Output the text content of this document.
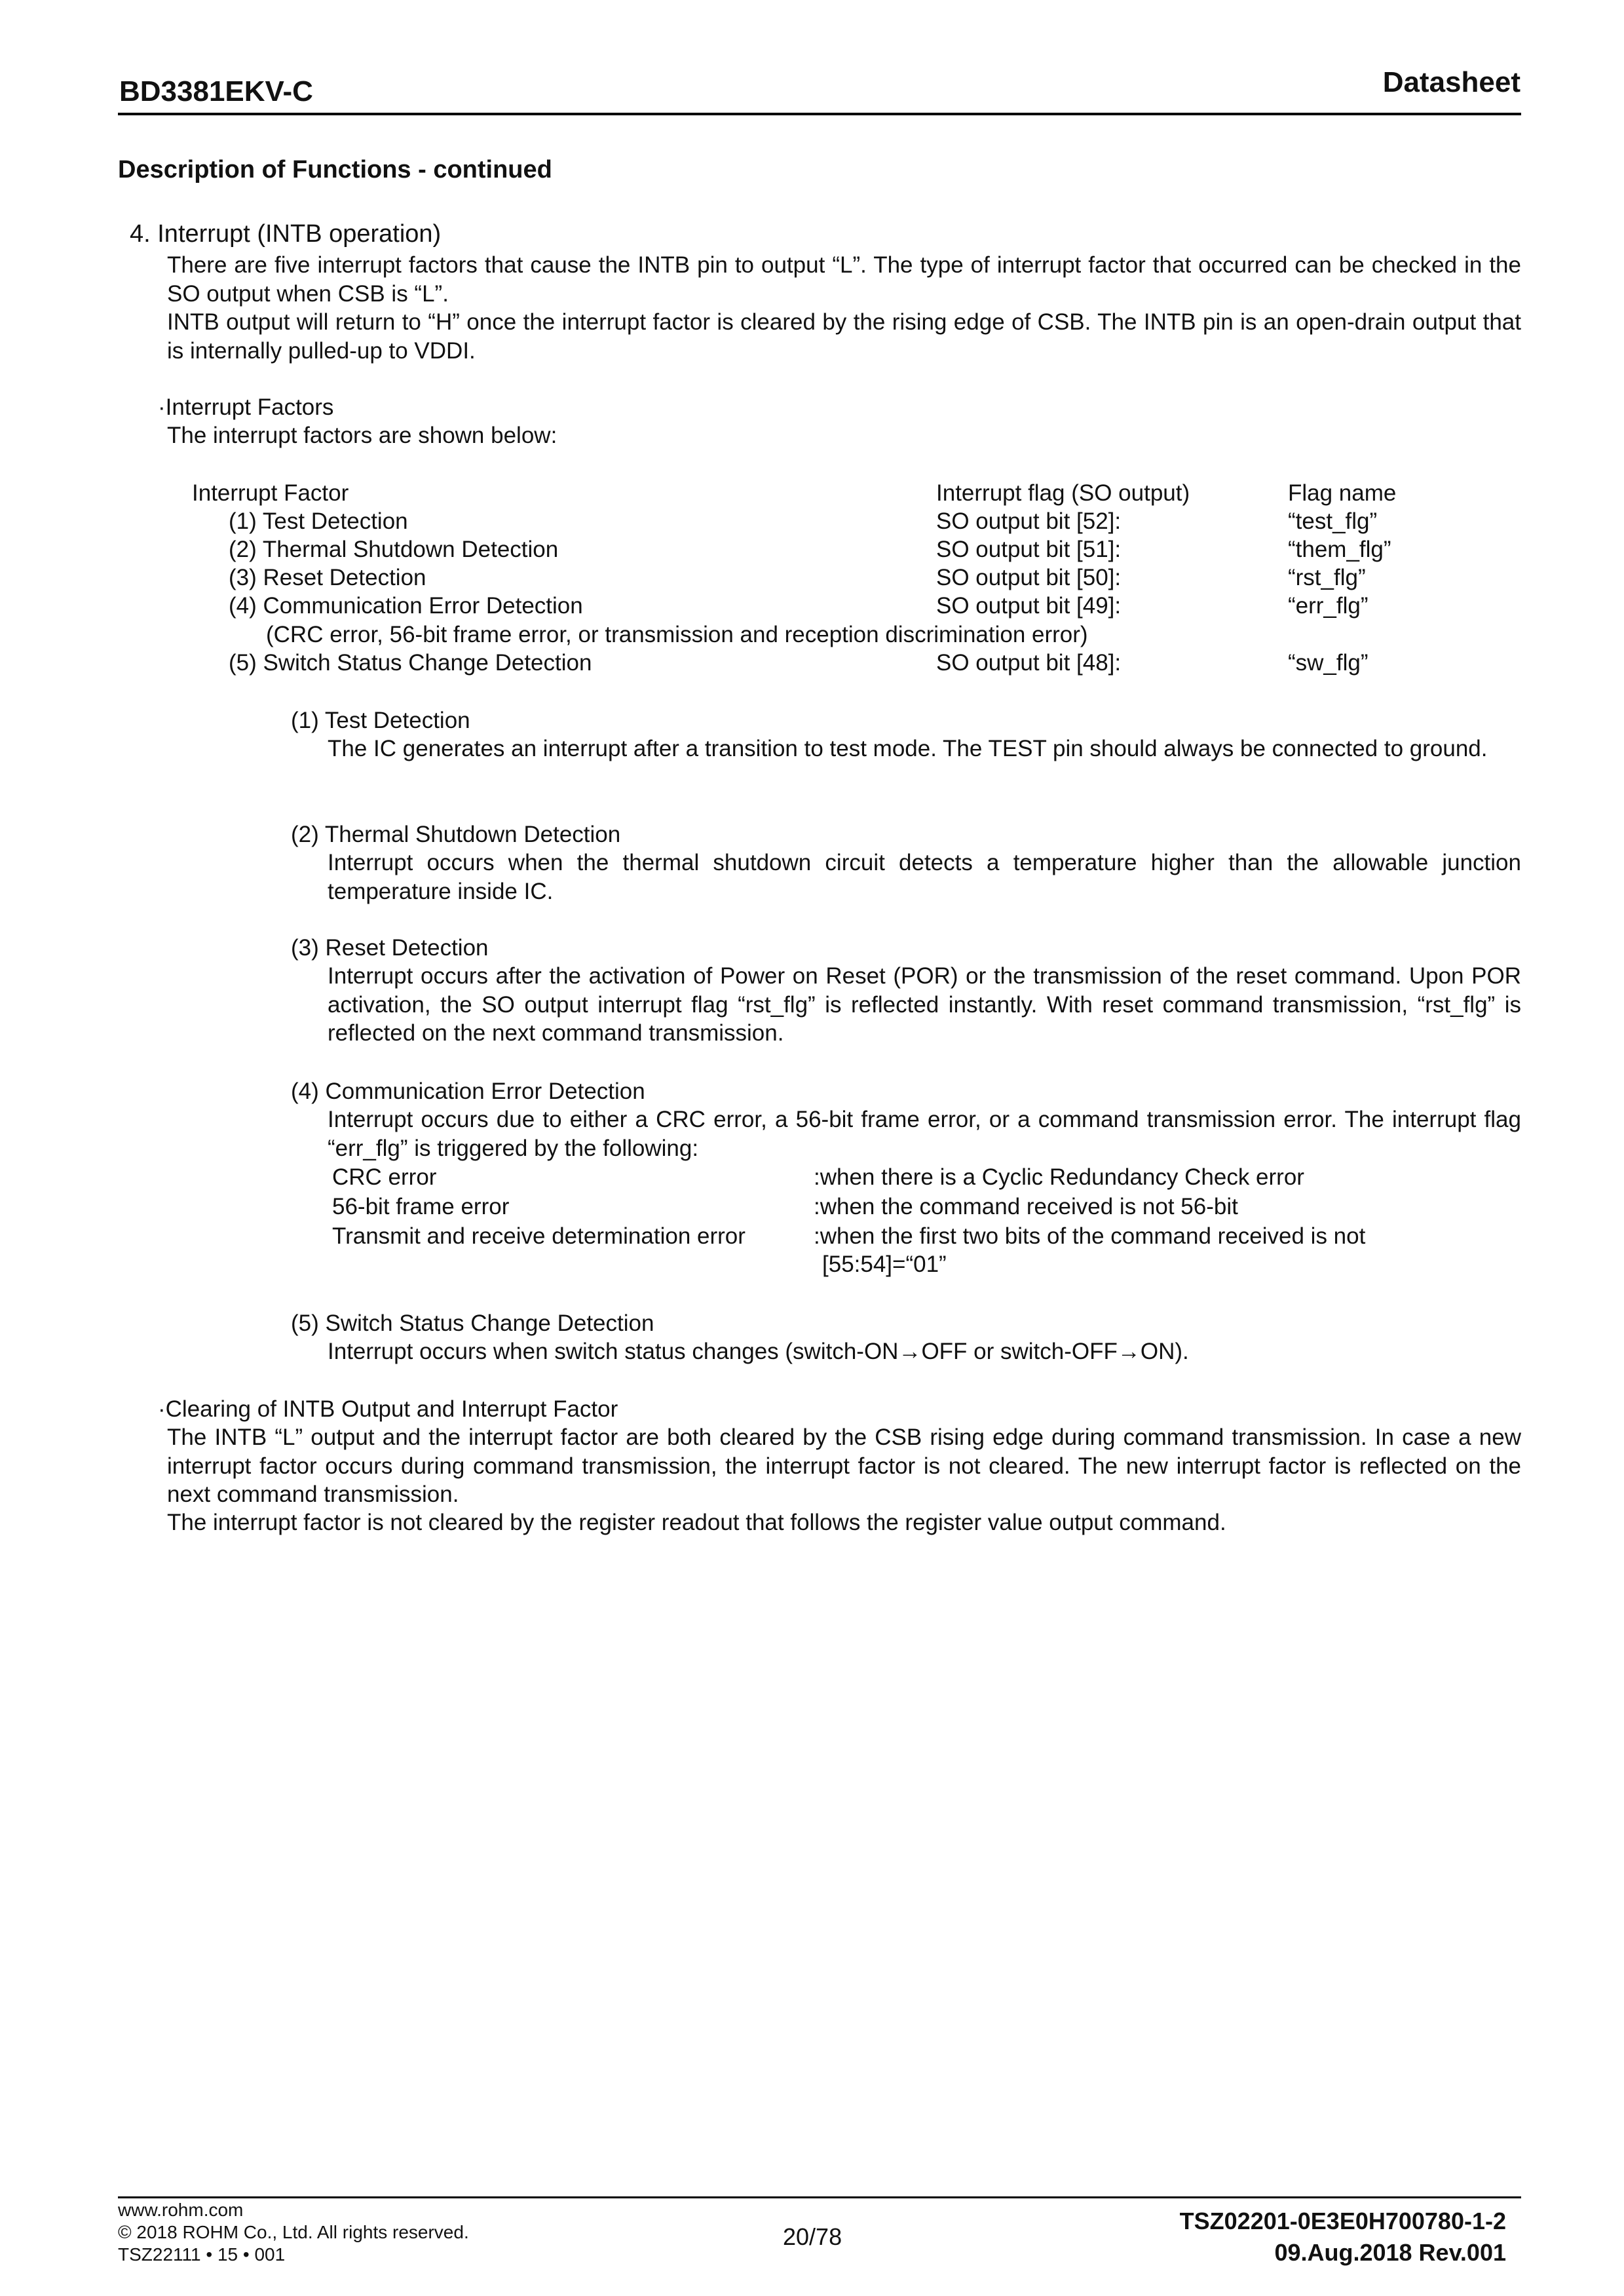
BD3381EKV-C	Datasheet
Description of Functions - continued
4. Interrupt (INTB operation)
There are five interrupt factors that cause the INTB pin to output “L”. The type of interrupt factor that occurred can be checked in the SO output when CSB is “L”.
INTB output will return to “H” once the interrupt factor is cleared by the rising edge of CSB. The INTB pin is an open-drain output that is internally pulled-up to VDDI.
·Interrupt Factors
The interrupt factors are shown below:
Interrupt Factor	Interrupt flag (SO output)	Flag name
(1) Test Detection	SO output bit [52]:	“test_flg”
(2) Thermal Shutdown Detection	SO output bit [51]:	“them_flg”
(3) Reset Detection	SO output bit [50]:	“rst_flg”
(4) Communication Error Detection	SO output bit [49]:	“err_flg”
(CRC error, 56-bit frame error, or transmission and reception discrimination error)
(5) Switch Status Change Detection	SO output bit [48]:	“sw_flg”
(1) Test Detection
The IC generates an interrupt after a transition to test mode. The TEST pin should always be connected to ground.
(2) Thermal Shutdown Detection
Interrupt occurs when the thermal shutdown circuit detects a temperature higher than the allowable junction temperature inside IC.
(3) Reset Detection
Interrupt occurs after the activation of Power on Reset (POR) or the transmission of the reset command. Upon POR activation, the SO output interrupt flag “rst_flg” is reflected instantly. With reset command transmission, “rst_flg” is reflected on the next command transmission.
(4) Communication Error Detection
Interrupt occurs due to either a CRC error, a 56-bit frame error, or a command transmission error. The interrupt flag “err_flg” is triggered by the following:
CRC error	:when there is a Cyclic Redundancy Check error
56-bit frame error	:when the command received is not 56-bit
Transmit and receive determination error	:when the first two bits of the command received is not
[55:54]=“01”
(5) Switch Status Change Detection
Interrupt occurs when switch status changes (switch-ON→OFF or switch-OFF→ON).
·Clearing of INTB Output and Interrupt Factor
The INTB “L” output and the interrupt factor are both cleared by the CSB rising edge during command transmission. In case a new interrupt factor occurs during command transmission, the interrupt factor is not cleared. The new interrupt factor is reflected on the next command transmission.
The interrupt factor is not cleared by the register readout that follows the register value output command.
www.rohm.com
© 2018 ROHM Co., Ltd. All rights reserved.
TSZ22111 • 15 • 001
20/78
TSZ02201-0E3E0H700780-1-2
09.Aug.2018 Rev.001
